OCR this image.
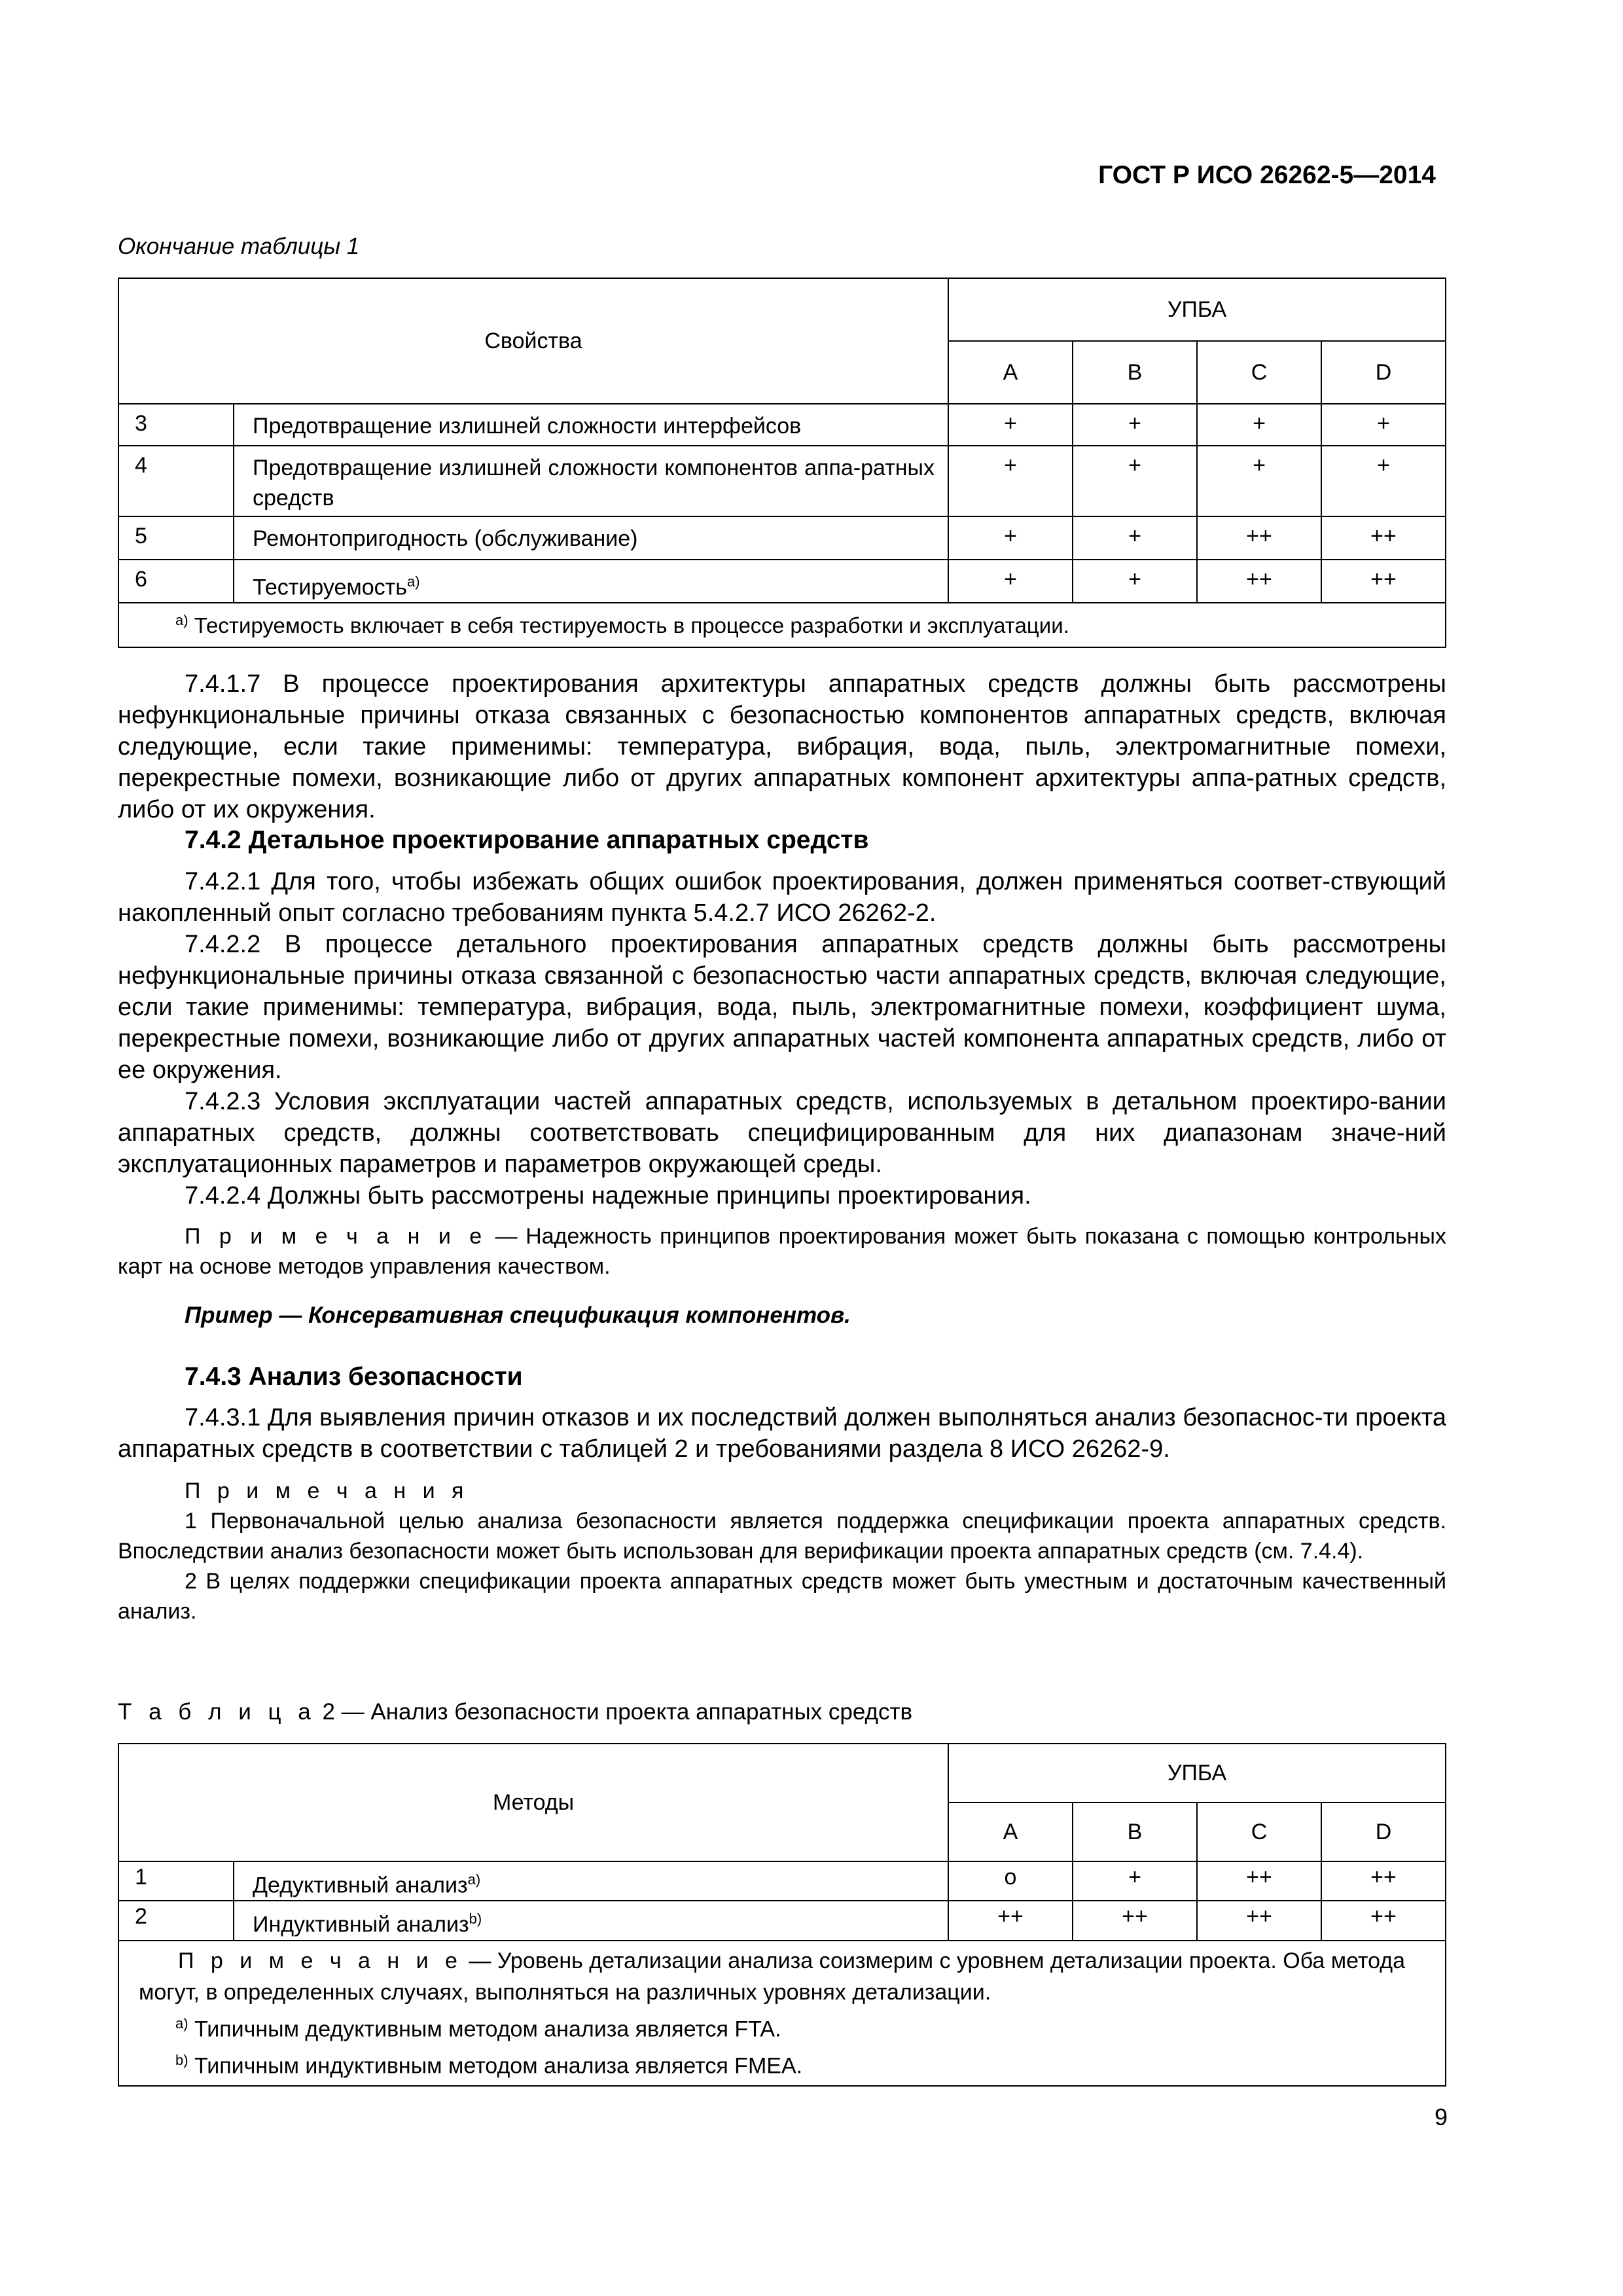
ГОСТ Р ИСО 26262-5—2014
Окончание таблицы 1
Свойства		УПБА			
		A	B	C	D
3	Предотвращение излишней сложности интерфейсов	+	+	+	+
4	Предотвращение излишней сложности компонентов аппа-ратных средств	+	+	+	+
5	Ремонтопригодность (обслуживание)	+	+	++	++
6	Тестируемость$^{a)}$	+	+	++	++
$^{a)}$ Тестируемость включает в себя тестируемость в процессе разработки и эксплуатации.					

7.4.1.7 В процессе проектирования архитектуры аппаратных средств должны быть рассмотрены нефункциональные причины отказа связанных с безопасностью компонентов аппаратных средств, включая следующие, если такие применимы: температура, вибрация, вода, пыль, электромагнитные помехи, перекрестные помехи, возникающие либо от других аппаратных компонент архитектуры аппа-ратных средств, либо от их окружения.

7.4.2 Детальное проектирование аппаратных средств

7.4.2.1 Для того, чтобы избежать общих ошибок проектирования, должен применяться соответ-ствующий накопленный опыт согласно требованиям пункта 5.4.2.7 ИСО 26262-2.

7.4.2.2 В процессе детального проектирования аппаратных средств должны быть рассмотрены нефункциональные причины отказа связанной с безопасностью части аппаратных средств, включая следующие, если такие применимы: температура, вибрация, вода, пыль, электромагнитные помехи, коэффициент шума, перекрестные помехи, возникающие либо от других аппаратных частей компонента аппаратных средств, либо от ее окружения.

7.4.2.3 Условия эксплуатации частей аппаратных средств, используемых в детальном проектиро-вании аппаратных средств, должны соответствовать специфицированным для них диапазонам значе-ний эксплуатационных параметров и параметров окружающей среды.

7.4.2.4 Должны быть рассмотрены надежные принципы проектирования.

П р и м е ч а н и е — Надежность принципов проектирования может быть показана с помощью контрольных карт на основе методов управления качеством.

Пример — Консервативная спецификация компонентов.
7.4.3 Анализ безопасности

7.4.3.1 Для выявления причин отказов и их последствий должен выполняться анализ безопаснос-ти проекта аппаратных средств в соответствии с таблицей 2 и требованиями раздела 8 ИСО 26262-9.

П р и м е ч а н и я

1 Первоначальной целью анализа безопасности является поддержка спецификации проекта аппаратных средств. Впоследствии анализ безопасности может быть использован для верификации проекта аппаратных средств (см. 7.4.4).

2 В целях поддержки спецификации проекта аппаратных средств может быть уместным и достаточным качественный анализ.

Т а б л и ц а 2 — Анализ безопасности проекта аппаратных средств
Методы		УПБА			
		A	B	C	D
1	Дедуктивный анализ$^{a)}$	o	+	++	++
2	Индуктивный анализ$^{b)}$	++	++	++	++

П р и м е ч а н и е — Уровень детализации анализа соизмерим с уровнем детализации проекта. Оба метода могут, в определенных случаях, выполняться на различных уровнях детализации.

$^{a)}$ Типичным дедуктивным методом анализа является FTA.

$^{b)}$ Типичным индуктивным методом анализа является FMEA.					

9
